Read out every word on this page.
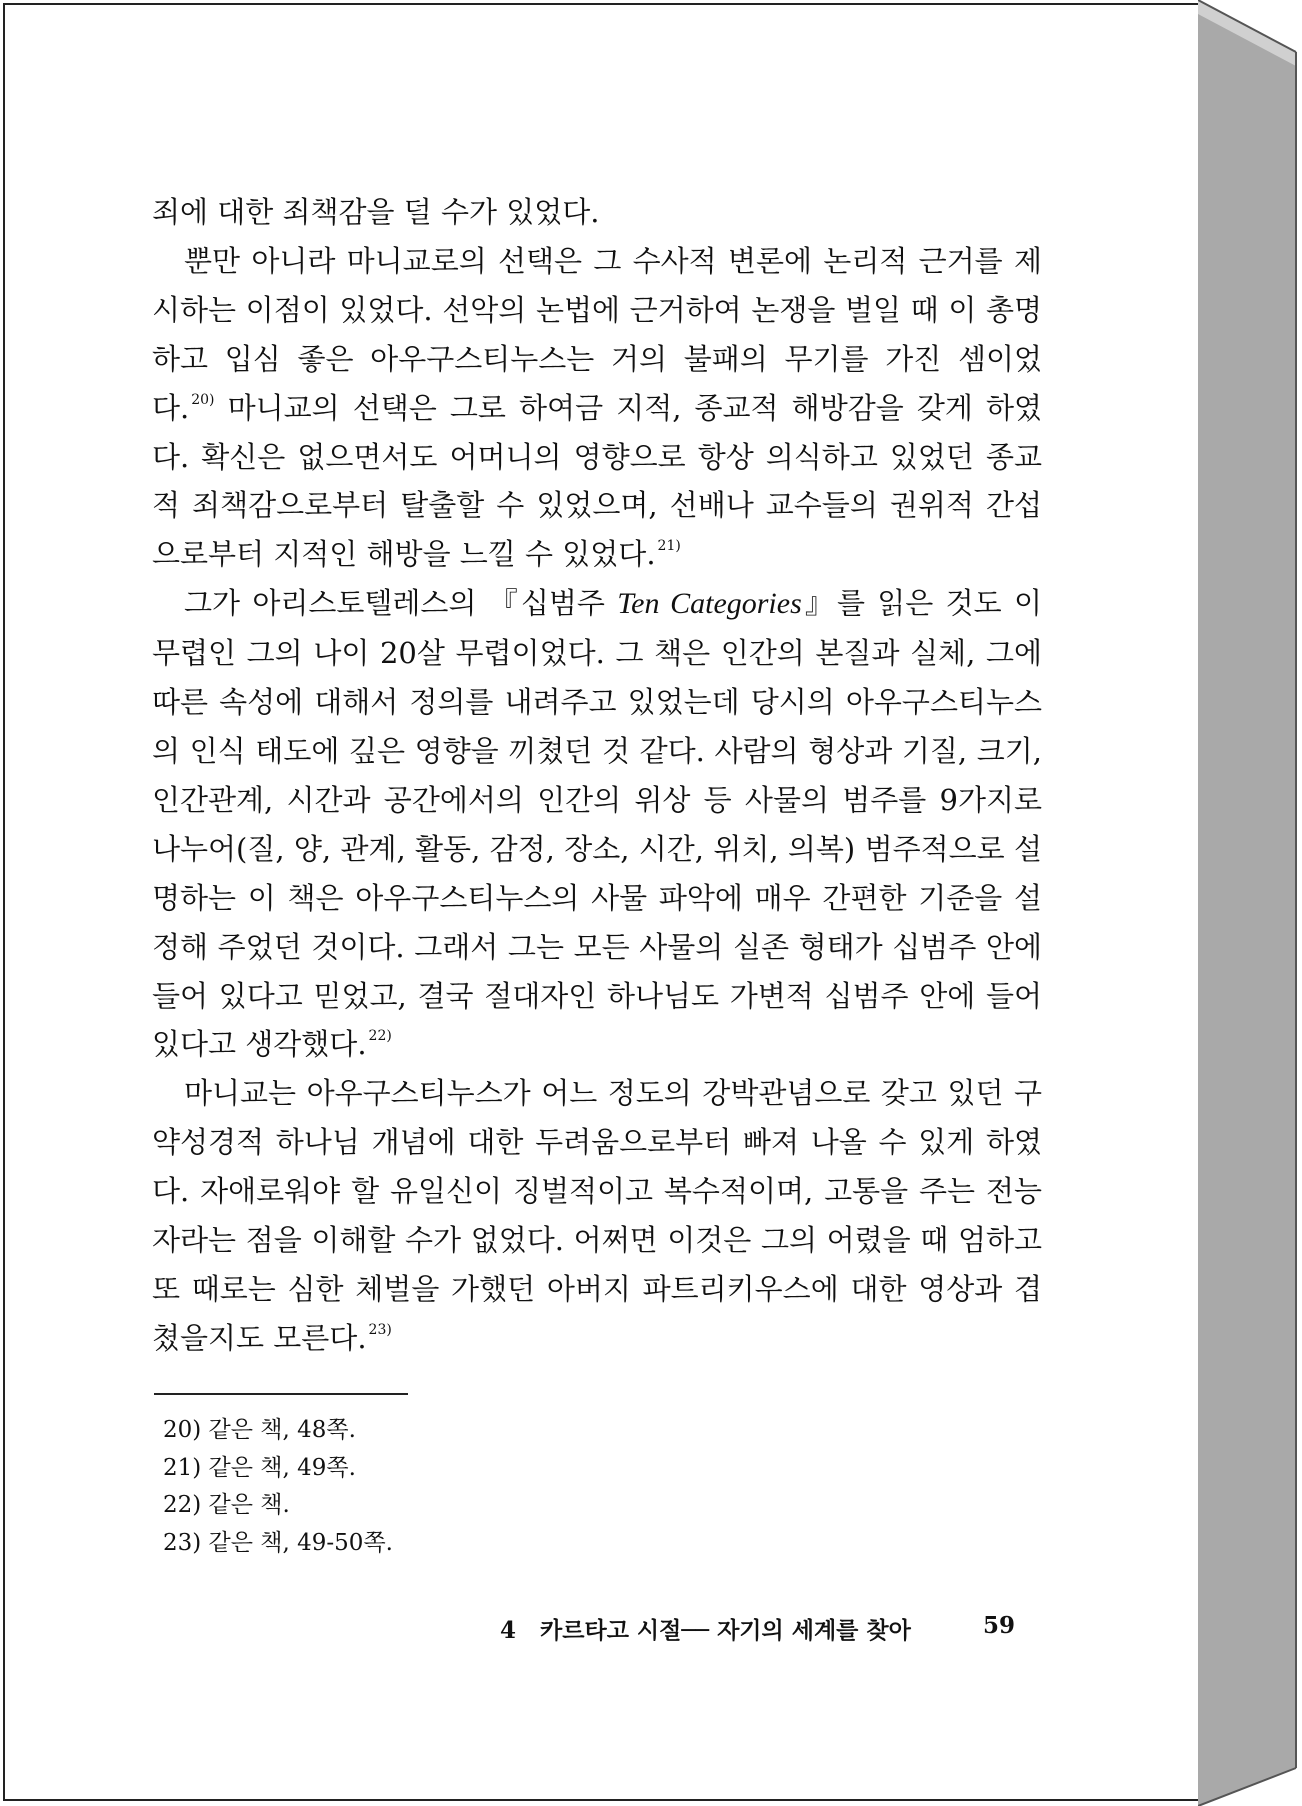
죄에 대한 죄책감을 덜 수가 있었다.

뿐만 아니라 마니교로의 선택은 그 수사적 변론에 논리적 근거를 제시하는 이점이 있었다. 선악의 논법에 근거하여 논쟁을 벌일 때 이 총명하고 입심 좋은 아우구스티누스는 거의 불패의 무기를 가진 셈이었다. $^{20)}$ 마니교의 선택은 그로 하여금 지적, 종교적 해방감을 갖게 하였다. 확신은 없으면서도 어머니의 영향으로 항상 의식하고 있었던 종교적 죄책감으로부터 탈출할 수 있었으며, 선배나 교수들의 권위적 간섭으로부터 지적인 해방을 느낄 수 있었다. $^{21)}$

그가 아리스토텔레스의 『십범주 Ten Categories』를 읽은 것도 이 무렵인 그의 나이 20살 무렵이었다. 그 책은 인간의 본질과 실체, 그에 따른 속성에 대해서 정의를 내려주고 있었는데 당시의 아우구스티누스의 인식 태도에 깊은 영향을 끼쳤던 것 같다. 사람의 형상과 기질, 크기, 인간관계, 시간과 공간에서의 인간의 위상 등 사물의 범주를 9가지로 나누어(질, 양, 관계, 활동, 감정, 장소, 시간, 위치, 의복) 범주적으로 설명하는 이 책은 아우구스티누스의 사물 파악에 매우 간편한 기준을 설정해 주었던 것이다. 그래서 그는 모든 사물의 실존 형태가 십범주 안에 들어 있다고 믿었고, 결국 절대자인 하나님도 가변적 십범주 안에 들어있다고 생각했다. $^{22)}$

마니교는 아우구스티누스가 어느 정도의 강박관념으로 갖고 있던 구약성경적 하나님 개념에 대한 두려움으로부터 빠져 나올 수 있게 하였다. 자애로워야 할 유일신이 징벌적이고 복수적이며, 고통을 주는 전능자라는 점을 이해할 수가 없었다. 어쩌면 이것은 그의 어렸을 때 엄하고 또 때로는 심한 체벌을 가했던 아버지 파트리키우스에 대한 영상과 겹쳤을지도 모른다. $^{23)}$

20) 같은 책, 48쪽.
21) 같은 책, 49쪽.
22) 같은 책.
23) 같은 책, 49-50쪽.
4 카르타고 시절── 자기의 세계를 찾아	59
